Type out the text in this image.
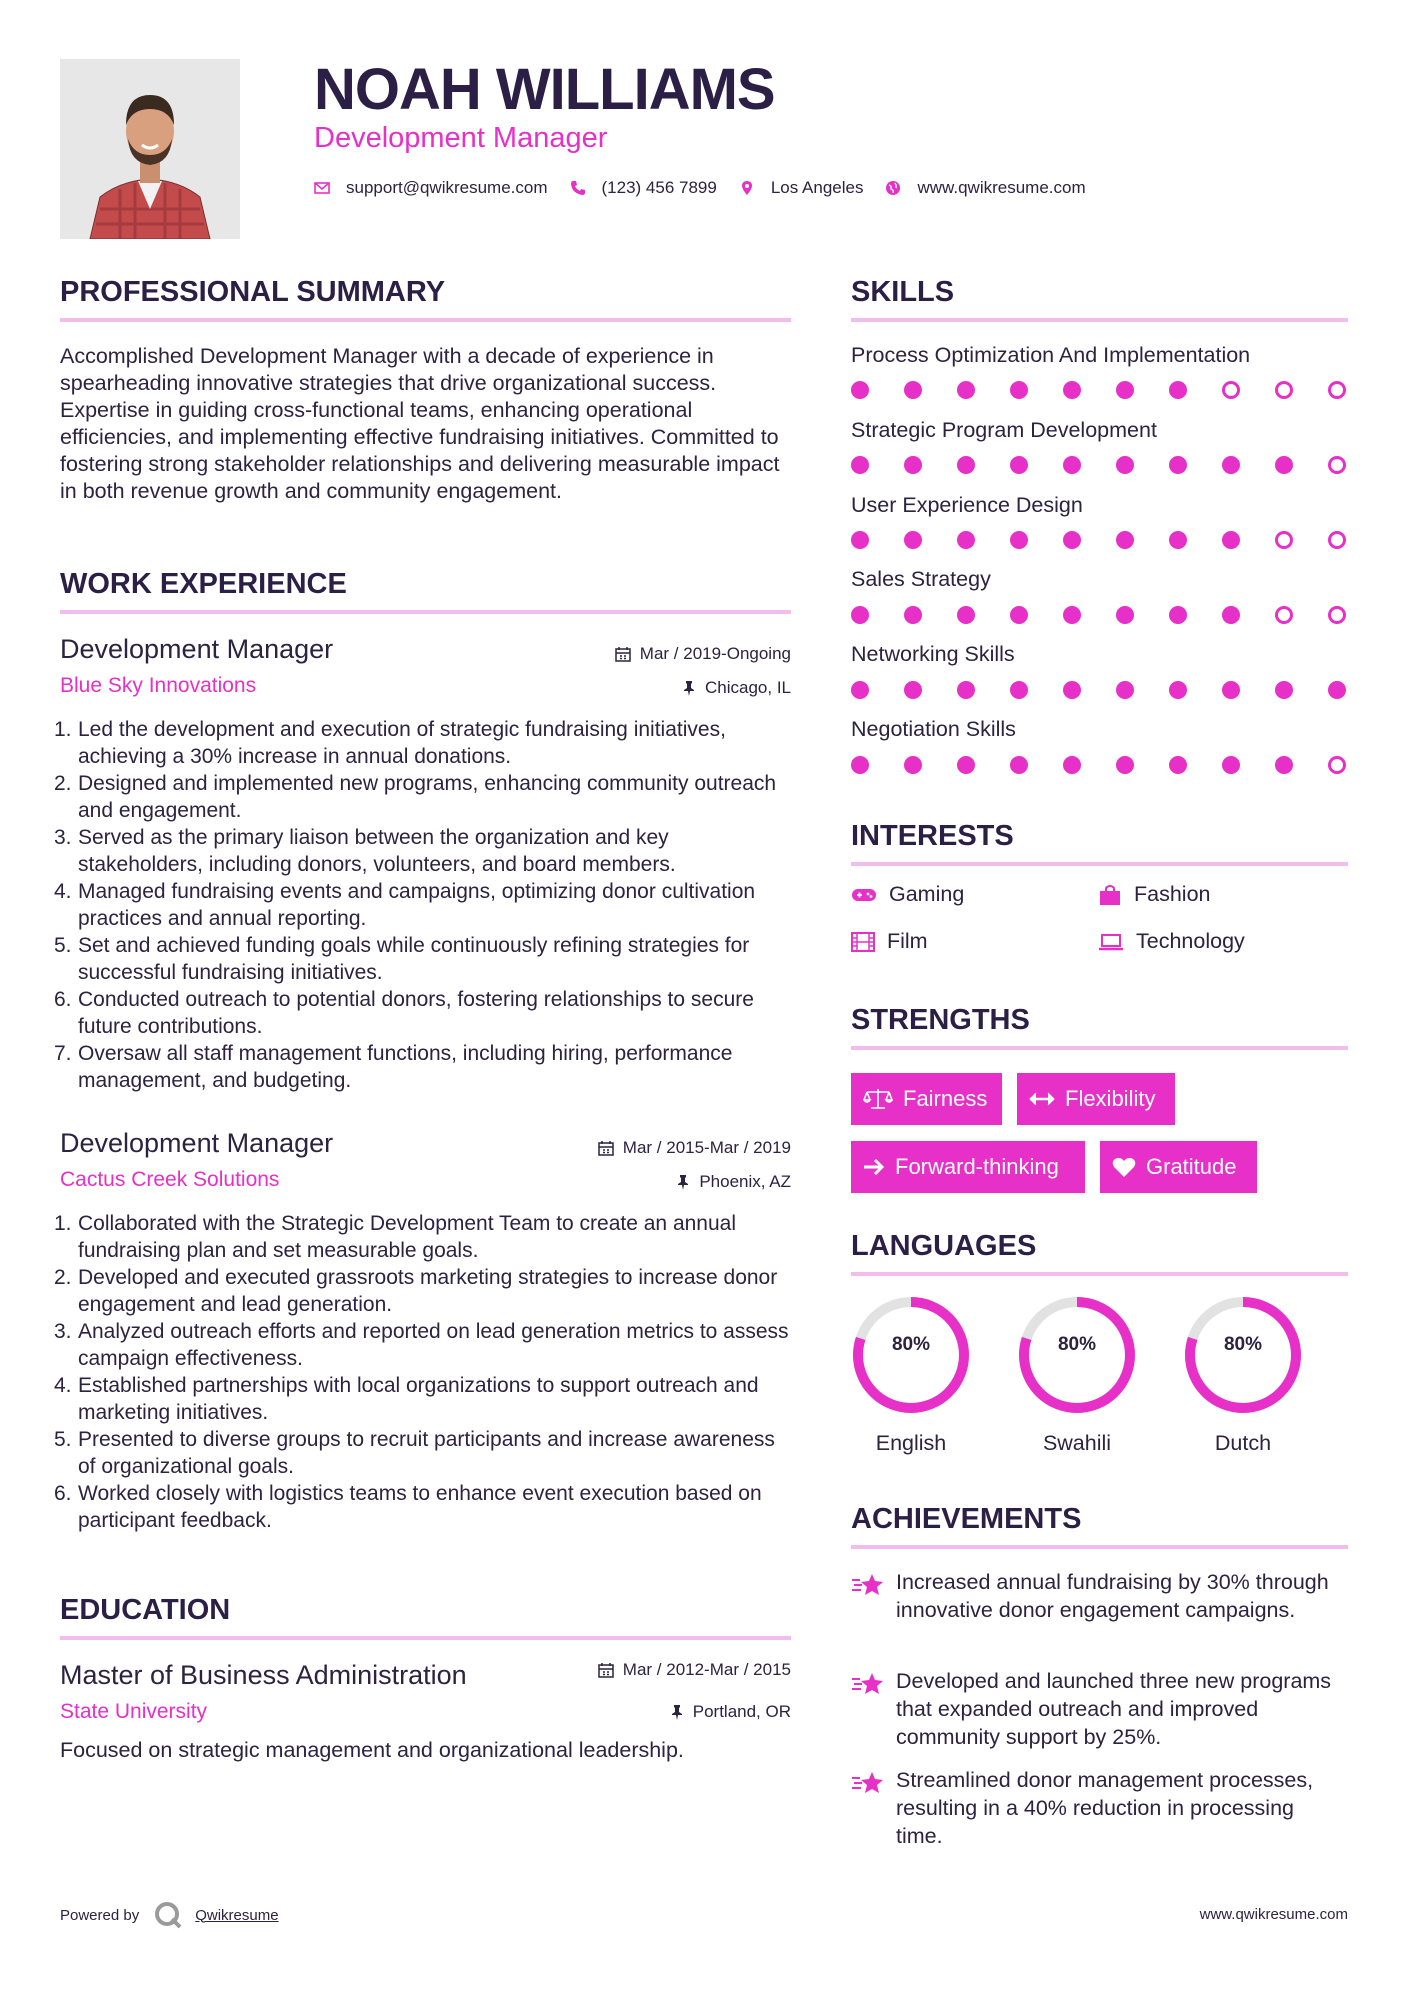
NOAH WILLIAMS
Development Manager
support@qwikresume.com	(123) 456 7899	Los Angeles	www.qwikresume.com
PROFESSIONAL SUMMARY
Accomplished Development Manager with a decade of experience in spearheading innovative strategies that drive organizational success. Expertise in guiding cross-functional teams, enhancing operational efficiencies, and implementing effective fundraising initiatives. Committed to fostering strong stakeholder relationships and delivering measurable impact in both revenue growth and community engagement.
WORK EXPERIENCE
Development Manager
Blue Sky Innovations
Mar / 2019-Ongoing
Chicago, IL
1. Led the development and execution of strategic fundraising initiatives, achieving a 30% increase in annual donations.
2. Designed and implemented new programs, enhancing community outreach and engagement.
3. Served as the primary liaison between the organization and key stakeholders, including donors, volunteers, and board members.
4. Managed fundraising events and campaigns, optimizing donor cultivation practices and annual reporting.
5. Set and achieved funding goals while continuously refining strategies for successful fundraising initiatives.
6. Conducted outreach to potential donors, fostering relationships to secure future contributions.
7. Oversaw all staff management functions, including hiring, performance management, and budgeting.
Development Manager
Cactus Creek Solutions
Mar / 2015-Mar / 2019
Phoenix, AZ
1. Collaborated with the Strategic Development Team to create an annual fundraising plan and set measurable goals.
2. Developed and executed grassroots marketing strategies to increase donor engagement and lead generation.
3. Analyzed outreach efforts and reported on lead generation metrics to assess campaign effectiveness.
4. Established partnerships with local organizations to support outreach and marketing initiatives.
5. Presented to diverse groups to recruit participants and increase awareness of organizational goals.
6. Worked closely with logistics teams to enhance event execution based on participant feedback.
EDUCATION
Master of Business Administration
State University
Mar / 2012-Mar / 2015
Portland, OR
Focused on strategic management and organizational leadership.
SKILLS
Process Optimization And Implementation
Strategic Program Development
User Experience Design
Sales Strategy
Networking Skills
Negotiation Skills
INTERESTS
Gaming	Fashion
Film	Technology
STRENGTHS
Fairness	Flexibility
Forward-thinking	Gratitude
LANGUAGES
80%
English
80%
Swahili
80%
Dutch
ACHIEVEMENTS
Increased annual fundraising by 30% through innovative donor engagement campaigns.
Developed and launched three new programs that expanded outreach and improved community support by 25%.
Streamlined donor management processes, resulting in a 40% reduction in processing time.
Powered by	Qwikresume	www.qwikresume.com
